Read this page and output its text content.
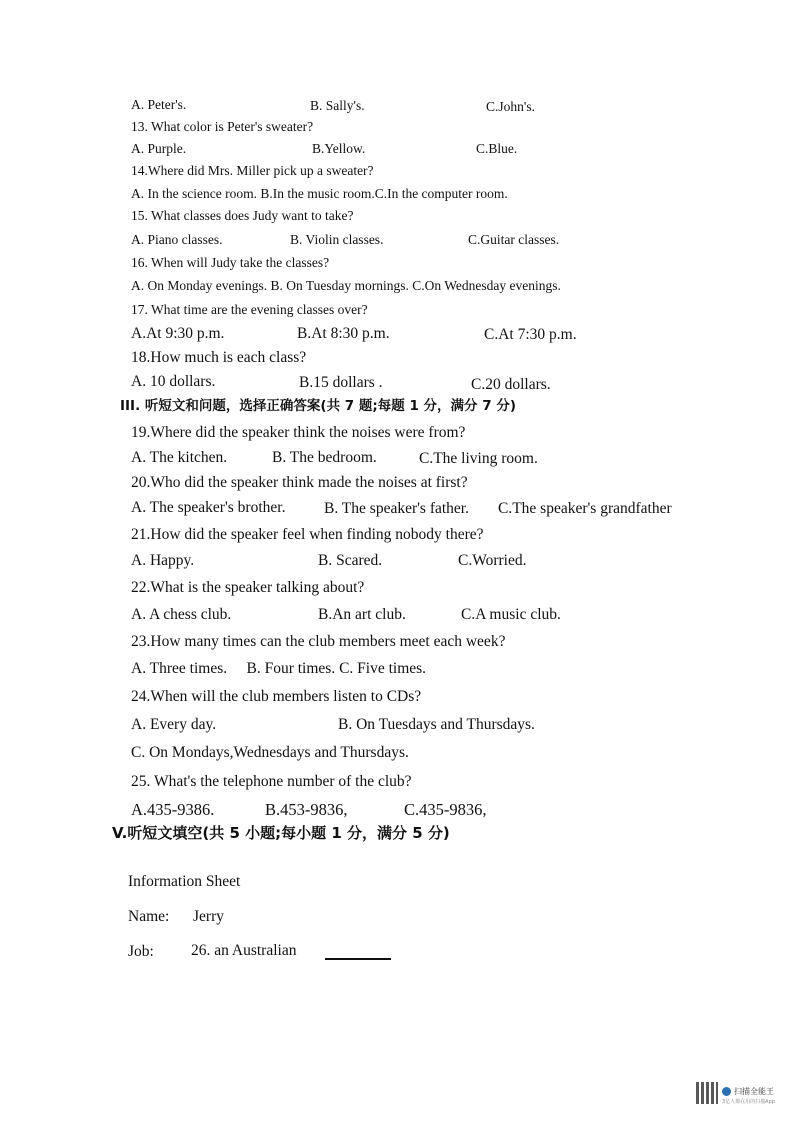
A. Peter's.	B. Sally's.	C.John's.
13. What color is Peter's sweater?
A. Purple.	B.Yellow.	C.Blue.
14.Where did Mrs. Miller pick up a sweater?
A. In the science room. B.In the music room.C.In the computer room.
15. What classes does Judy want to take?
A. Piano classes.	B. Violin classes.	C.Guitar classes.
16. When will Judy take the classes?
A. On Monday evenings. B. On Tuesday mornings. C.On Wednesday evenings.
17. What time are the evening classes over?
A.At 9:30 p.m.	B.At 8:30 p.m.	C.At 7:30 p.m.
18.How much is each class?
A. 10 dollars.	B.15 dollars .	C.20 dollars.
III. 听短文和问题，选择正确答案(共 7 题;每题 1 分，满分 7 分)
19.Where did the speaker think the noises were from?
A. The kitchen.	B. The bedroom.	C.The living room.
20.Who did the speaker think made the noises at first?
A. The speaker's brother. B. The speaker's father. C.The speaker's grandfather
21.How did the speaker feel when finding nobody there?
A. Happy.	B. Scared.	C.Worried.
22.What is the speaker talking about?
A. A chess club.	B.An art club.	C.A music club.
23.How many times can the club members meet each week?
A. Three times.     B. Four times. C. Five times.
24.When will the club members listen to CDs?
A. Every day.	B. On Tuesdays and Thursdays.
C. On Mondays,Wednesdays and Thursdays.
25. What's the telephone number of the club?
A.435-9386.	B.453-9836,	C.435-9836,
V.听短文填空(共 5 小题;每小题 1 分，满分 5 分)
Information Sheet
Name: Jerry
Job: 26. an Australian
扫描全能王
3亿人都在用的扫描App
